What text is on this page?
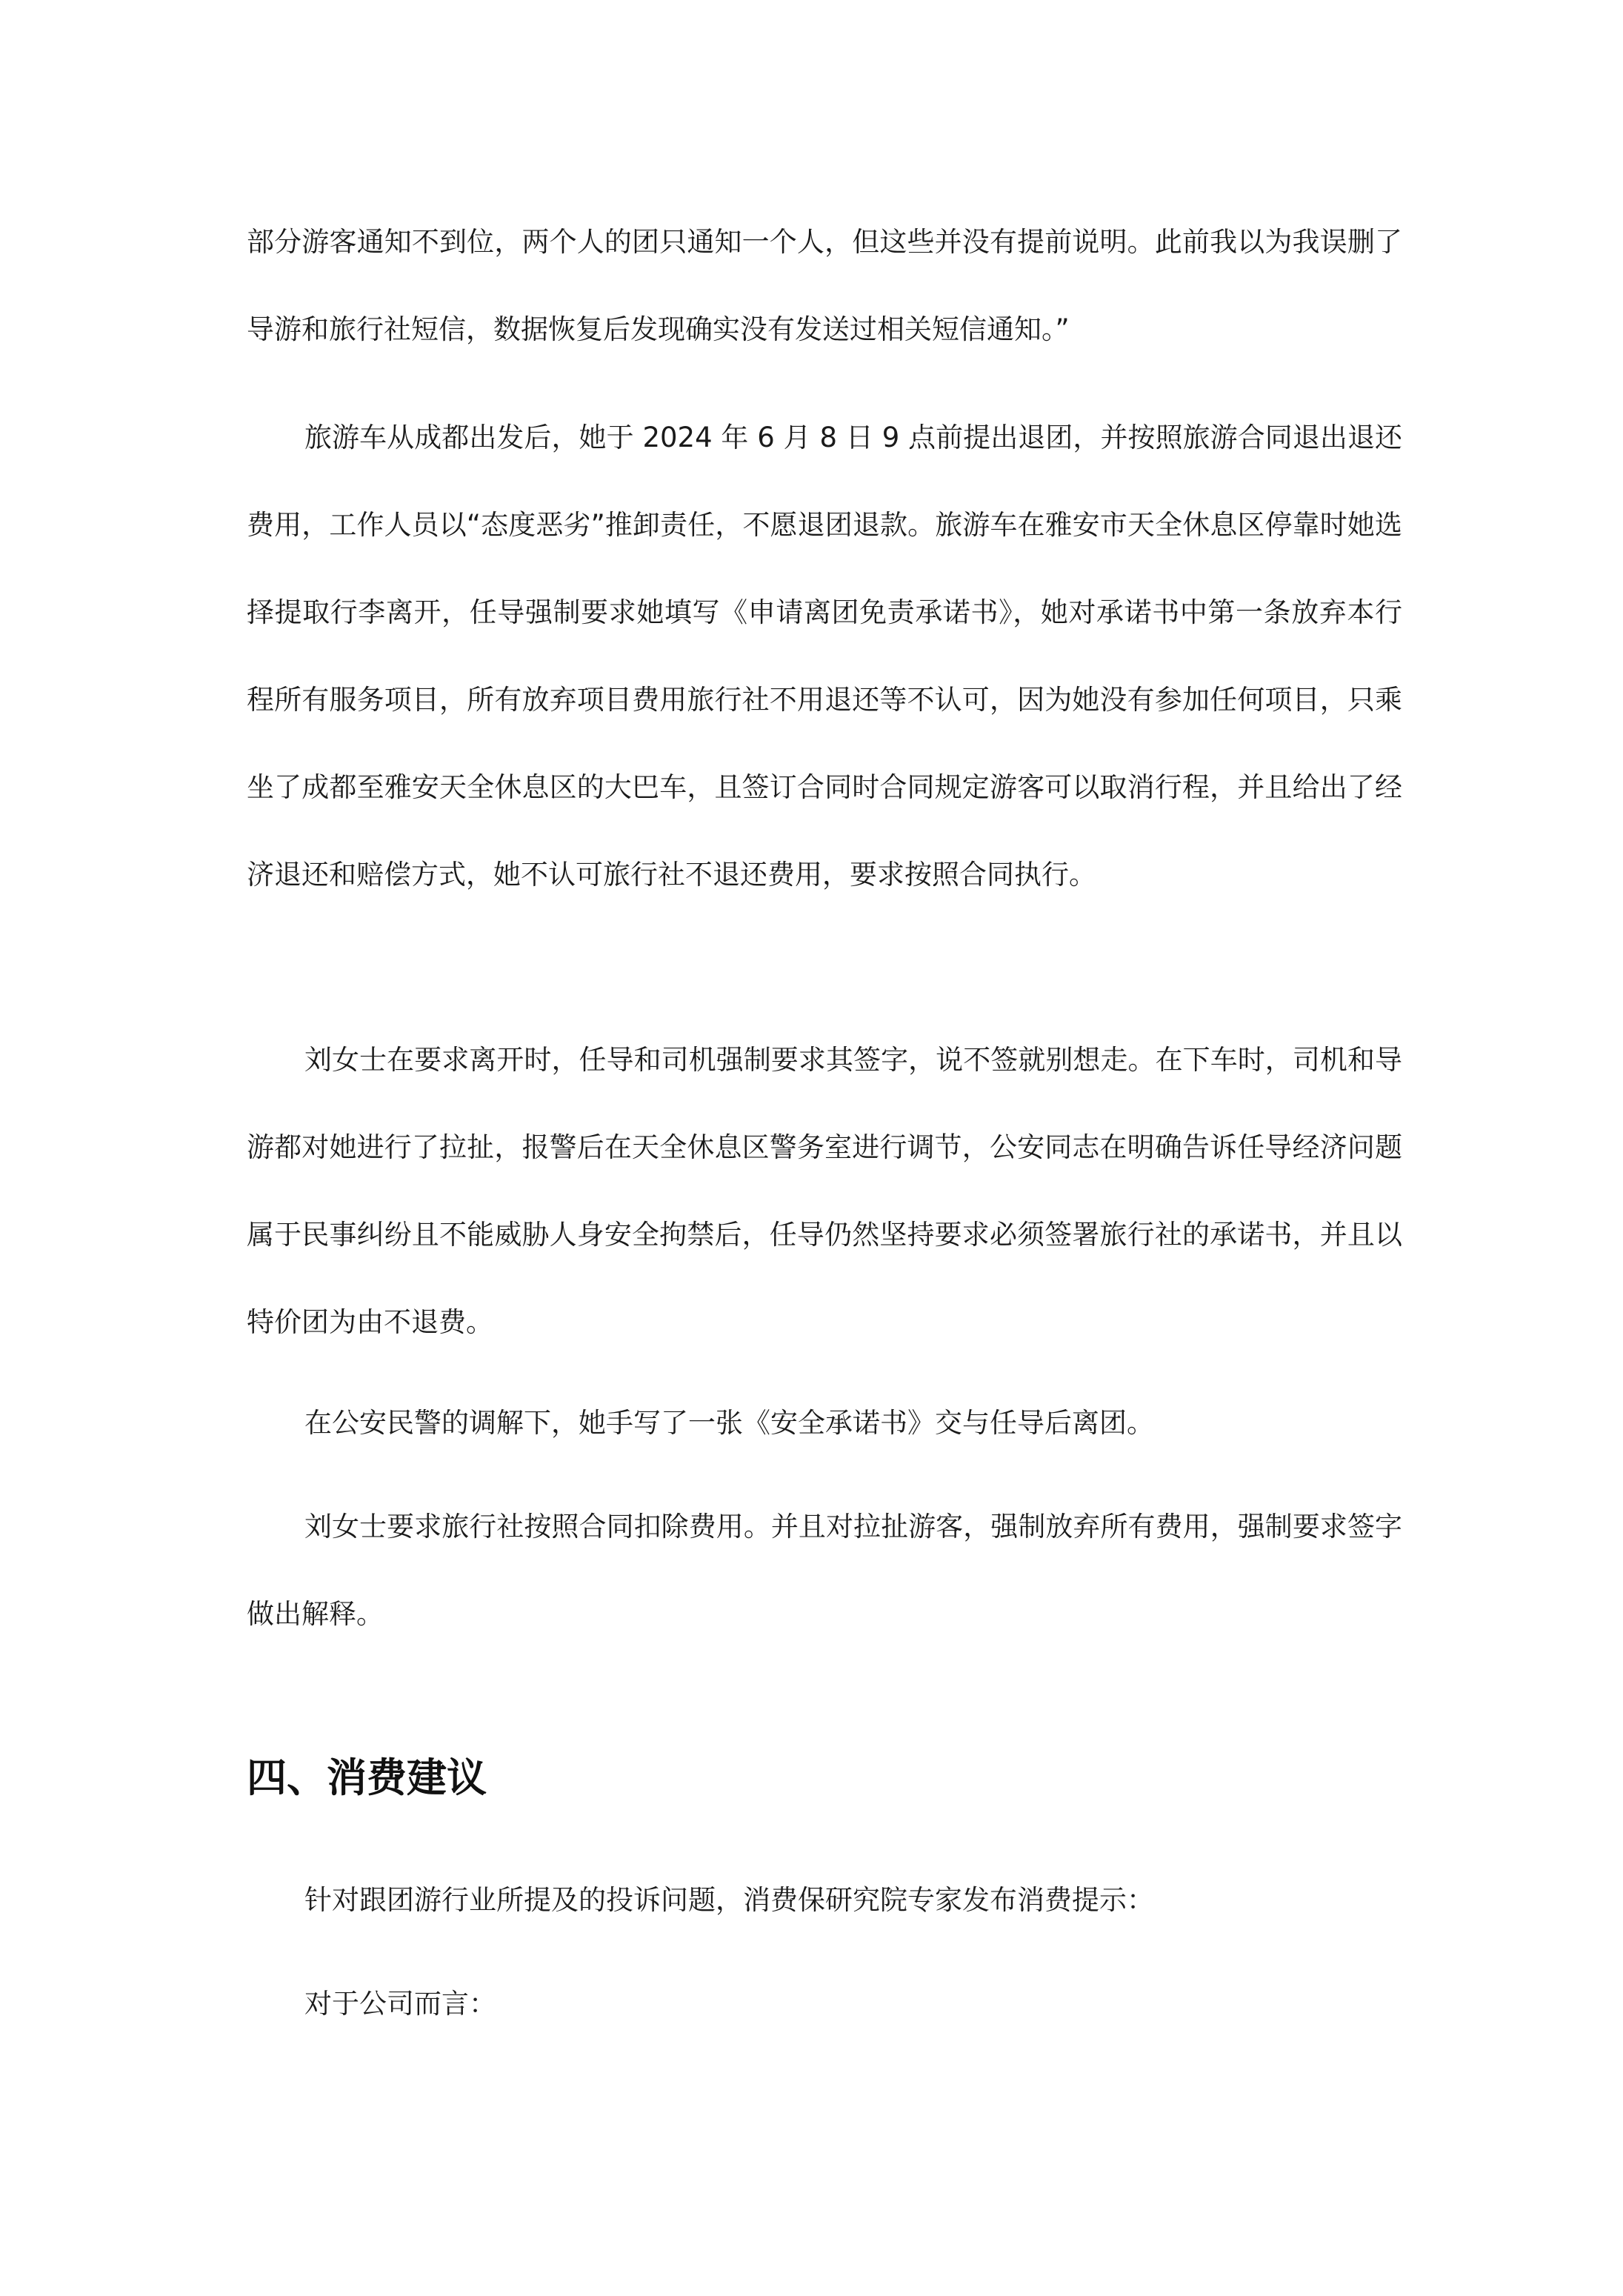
部分游客通知不到位，两个人的团只通知一个人，但这些并没有提前说明。此前我以为我误删了导游和旅行社短信，数据恢复后发现确实没有发送过相关短信通知。”

旅游车从成都出发后，她于 2024 年 6 月 8 日 9 点前提出退团，并按照旅游合同退出退还费用，工作人员以“态度恶劣”推卸责任，不愿退团退款。旅游车在雅安市天全休息区停靠时她选择提取行李离开，任导强制要求她填写《申请离团免责承诺书》，她对承诺书中第一条放弃本行程所有服务项目，所有放弃项目费用旅行社不用退还等不认可，因为她没有参加任何项目，只乘坐了成都至雅安天全休息区的大巴车，且签订合同时合同规定游客可以取消行程，并且给出了经济退还和赔偿方式，她不认可旅行社不退还费用，要求按照合同执行。

刘女士在要求离开时，任导和司机强制要求其签字，说不签就别想走。在下车时，司机和导游都对她进行了拉扯，报警后在天全休息区警务室进行调节，公安同志在明确告诉任导经济问题属于民事纠纷且不能威胁人身安全拘禁后，任导仍然坚持要求必须签署旅行社的承诺书，并且以特价团为由不退费。

在公安民警的调解下，她手写了一张《安全承诺书》交与任导后离团。

刘女士要求旅行社按照合同扣除费用。并且对拉扯游客，强制放弃所有费用，强制要求签字做出解释。

四、消费建议

针对跟团游行业所提及的投诉问题，消费保研究院专家发布消费提示：

对于公司而言：
